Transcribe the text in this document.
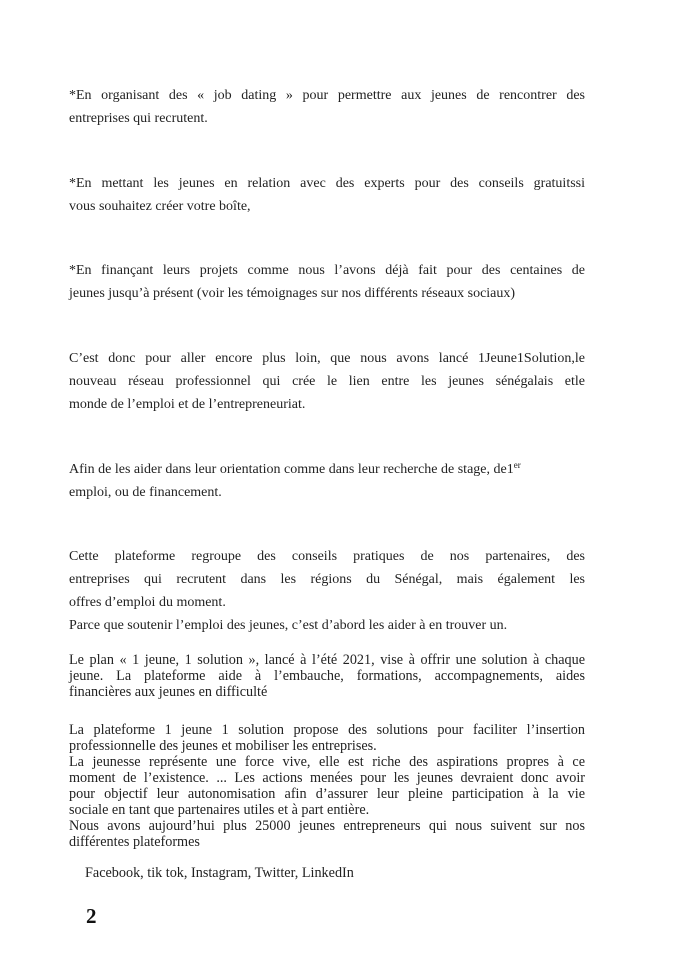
*En organisant des « job dating » pour permettre aux jeunes de rencontrer des
entreprises qui recrutent.

*En mettant les jeunes en relation avec des experts pour des conseils gratuitssi
vous souhaitez créer votre boîte,

*En finançant leurs projets comme nous l’avons déjà fait pour des centaines de
jeunes jusqu’à présent (voir les témoignages sur nos différents réseaux sociaux)

C’est donc pour aller encore plus loin, que nous avons lancé 1Jeune1Solution,le
nouveau réseau professionnel qui crée le lien entre les jeunes sénégalais etle
monde de l’emploi et de l’entrepreneuriat.

Afin de les aider dans leur orientation comme dans leur recherche de stage, de1er
emploi, ou de financement.

Cette plateforme regroupe des conseils pratiques de nos partenaires, des
entreprises qui recrutent dans les régions du Sénégal, mais également les
offres d’emploi du moment.
Parce que soutenir l’emploi des jeunes, c’est d’abord les aider à en trouver un.

Le plan « 1 jeune, 1 solution », lancé à l’été 2021, vise à offrir une solution à chaque
jeune. La plateforme aide à l’embauche, formations, accompagnements, aides
financières aux jeunes en difficulté

La plateforme 1 jeune 1 solution propose des solutions pour faciliter l’insertion
professionnelle des jeunes et mobiliser les entreprises.
La jeunesse représente une force vive, elle est riche des aspirations propres à ce
moment de l’existence. ... Les actions menées pour les jeunes devraient donc avoir
pour objectif leur autonomisation afin d’assurer leur pleine participation à la vie
sociale en tant que partenaires utiles et à part entière.
Nous avons aujourd’hui plus 25000 jeunes entrepreneurs qui nous suivent sur nos
différentes plateformes

Facebook, tik tok, Instagram, Twitter, LinkedIn

2
